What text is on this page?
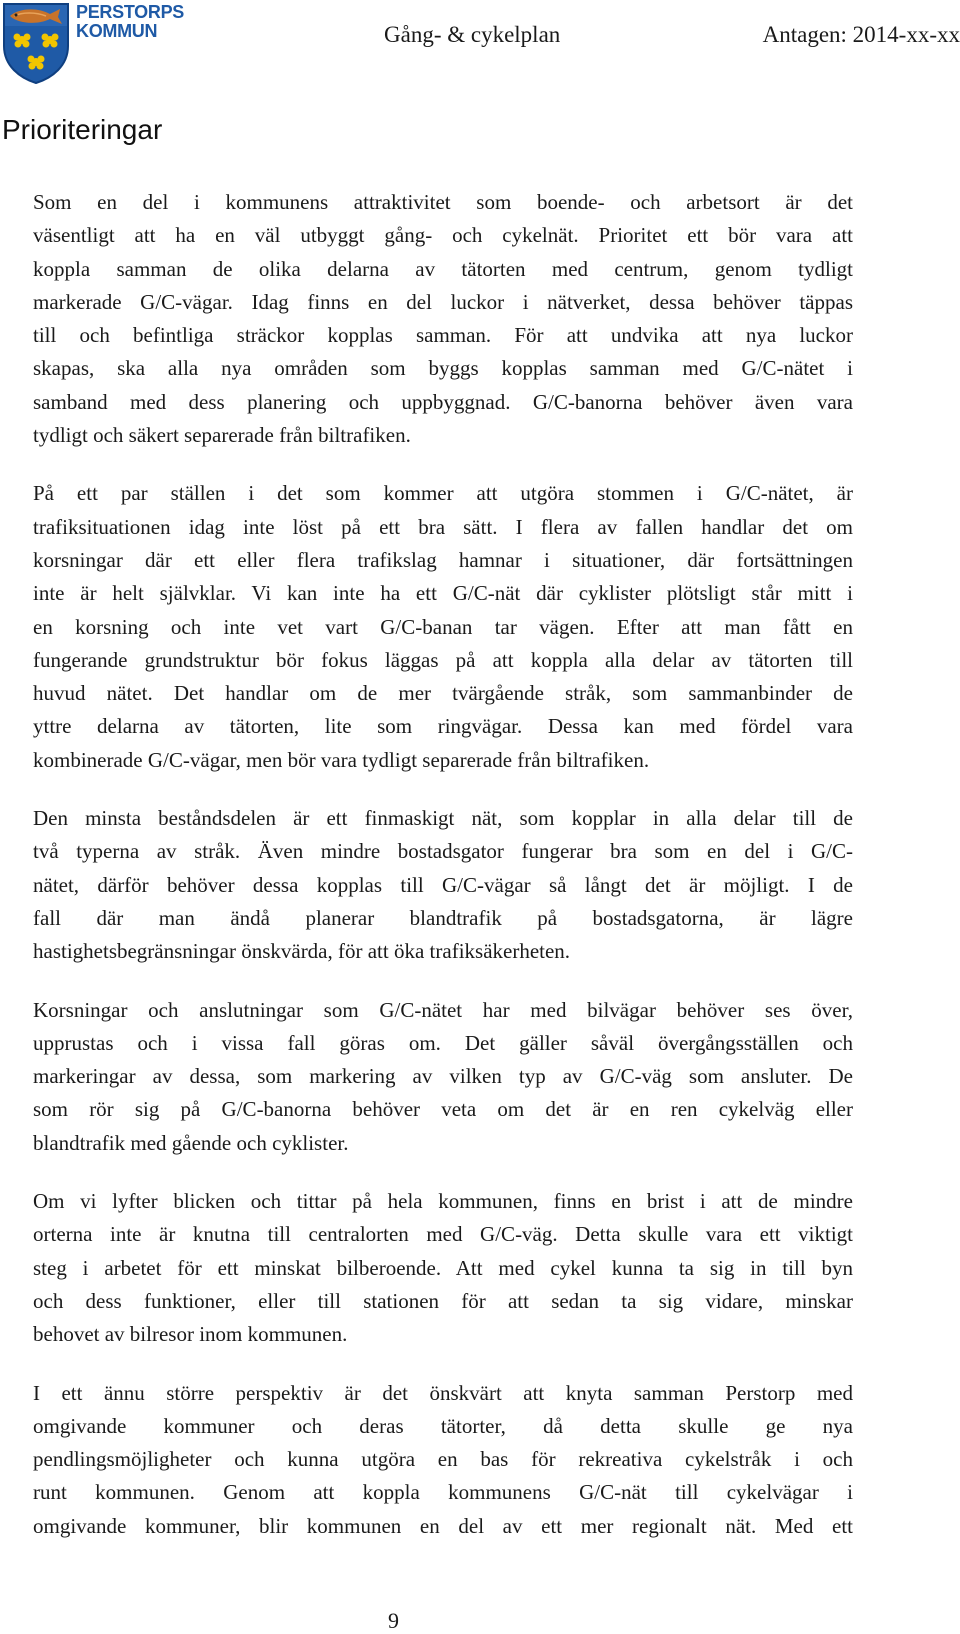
PERSTORPS
KOMMUN	Gång- & cykelplan	Antagen: 2014-xx-xx
Prioriteringar

Som en del i kommunens attraktivitet som boende- och arbetsort är det
väsentligt att ha en väl utbyggt gång- och cykelnät. Prioritet ett bör vara att
koppla samman de olika delarna av tätorten med centrum, genom tydligt
markerade G/C-vägar. Idag finns en del luckor i nätverket, dessa behöver täppas
till och befintliga sträckor kopplas samman. För att undvika att nya luckor
skapas, ska alla nya områden som byggs kopplas samman med G/C-nätet i
samband med dess planering och uppbyggnad. G/C-banorna behöver även vara
tydligt och säkert separerade från biltrafiken.

På ett par ställen i det som kommer att utgöra stommen i G/C-nätet, är
trafiksituationen idag inte löst på ett bra sätt. I flera av fallen handlar det om
korsningar där ett eller flera trafikslag hamnar i situationer, där fortsättningen
inte är helt självklar. Vi kan inte ha ett G/C-nät där cyklister plötsligt står mitt i
en korsning och inte vet vart G/C-banan tar vägen. Efter att man fått en
fungerande grundstruktur bör fokus läggas på att koppla alla delar av tätorten till
huvud nätet. Det handlar om de mer tvärgående stråk, som sammanbinder de
yttre delarna av tätorten, lite som ringvägar. Dessa kan med fördel vara
kombinerade G/C-vägar, men bör vara tydligt separerade från biltrafiken.

Den minsta beståndsdelen är ett finmaskigt nät, som kopplar in alla delar till de
två typerna av stråk. Även mindre bostadsgator fungerar bra som en del i G/C-
nätet, därför behöver dessa kopplas till G/C-vägar så långt det är möjligt. I de
fall där man ändå planerar blandtrafik på bostadsgatorna, är lägre
hastighetsbegränsningar önskvärda, för att öka trafiksäkerheten.

Korsningar och anslutningar som G/C-nätet har med bilvägar behöver ses över,
upprustas och i vissa fall göras om. Det gäller såväl övergångsställen och
markeringar av dessa, som markering av vilken typ av G/C-väg som ansluter. De
som rör sig på G/C-banorna behöver veta om det är en ren cykelväg eller
blandtrafik med gående och cyklister.

Om vi lyfter blicken och tittar på hela kommunen, finns en brist i att de mindre
orterna inte är knutna till centralorten med G/C-väg. Detta skulle vara ett viktigt
steg i arbetet för ett minskat bilberoende. Att med cykel kunna ta sig in till byn
och dess funktioner, eller till stationen för att sedan ta sig vidare, minskar
behovet av bilresor inom kommunen.

I ett ännu större perspektiv är det önskvärt att knyta samman Perstorp med
omgivande kommuner och deras tätorter, då detta skulle ge nya
pendlingsmöjligheter och kunna utgöra en bas för rekreativa cykelstråk i och
runt kommunen. Genom att koppla kommunens G/C-nät till cykelvägar i
omgivande kommuner, blir kommunen en del av ett mer regionalt nät. Med ett

9
